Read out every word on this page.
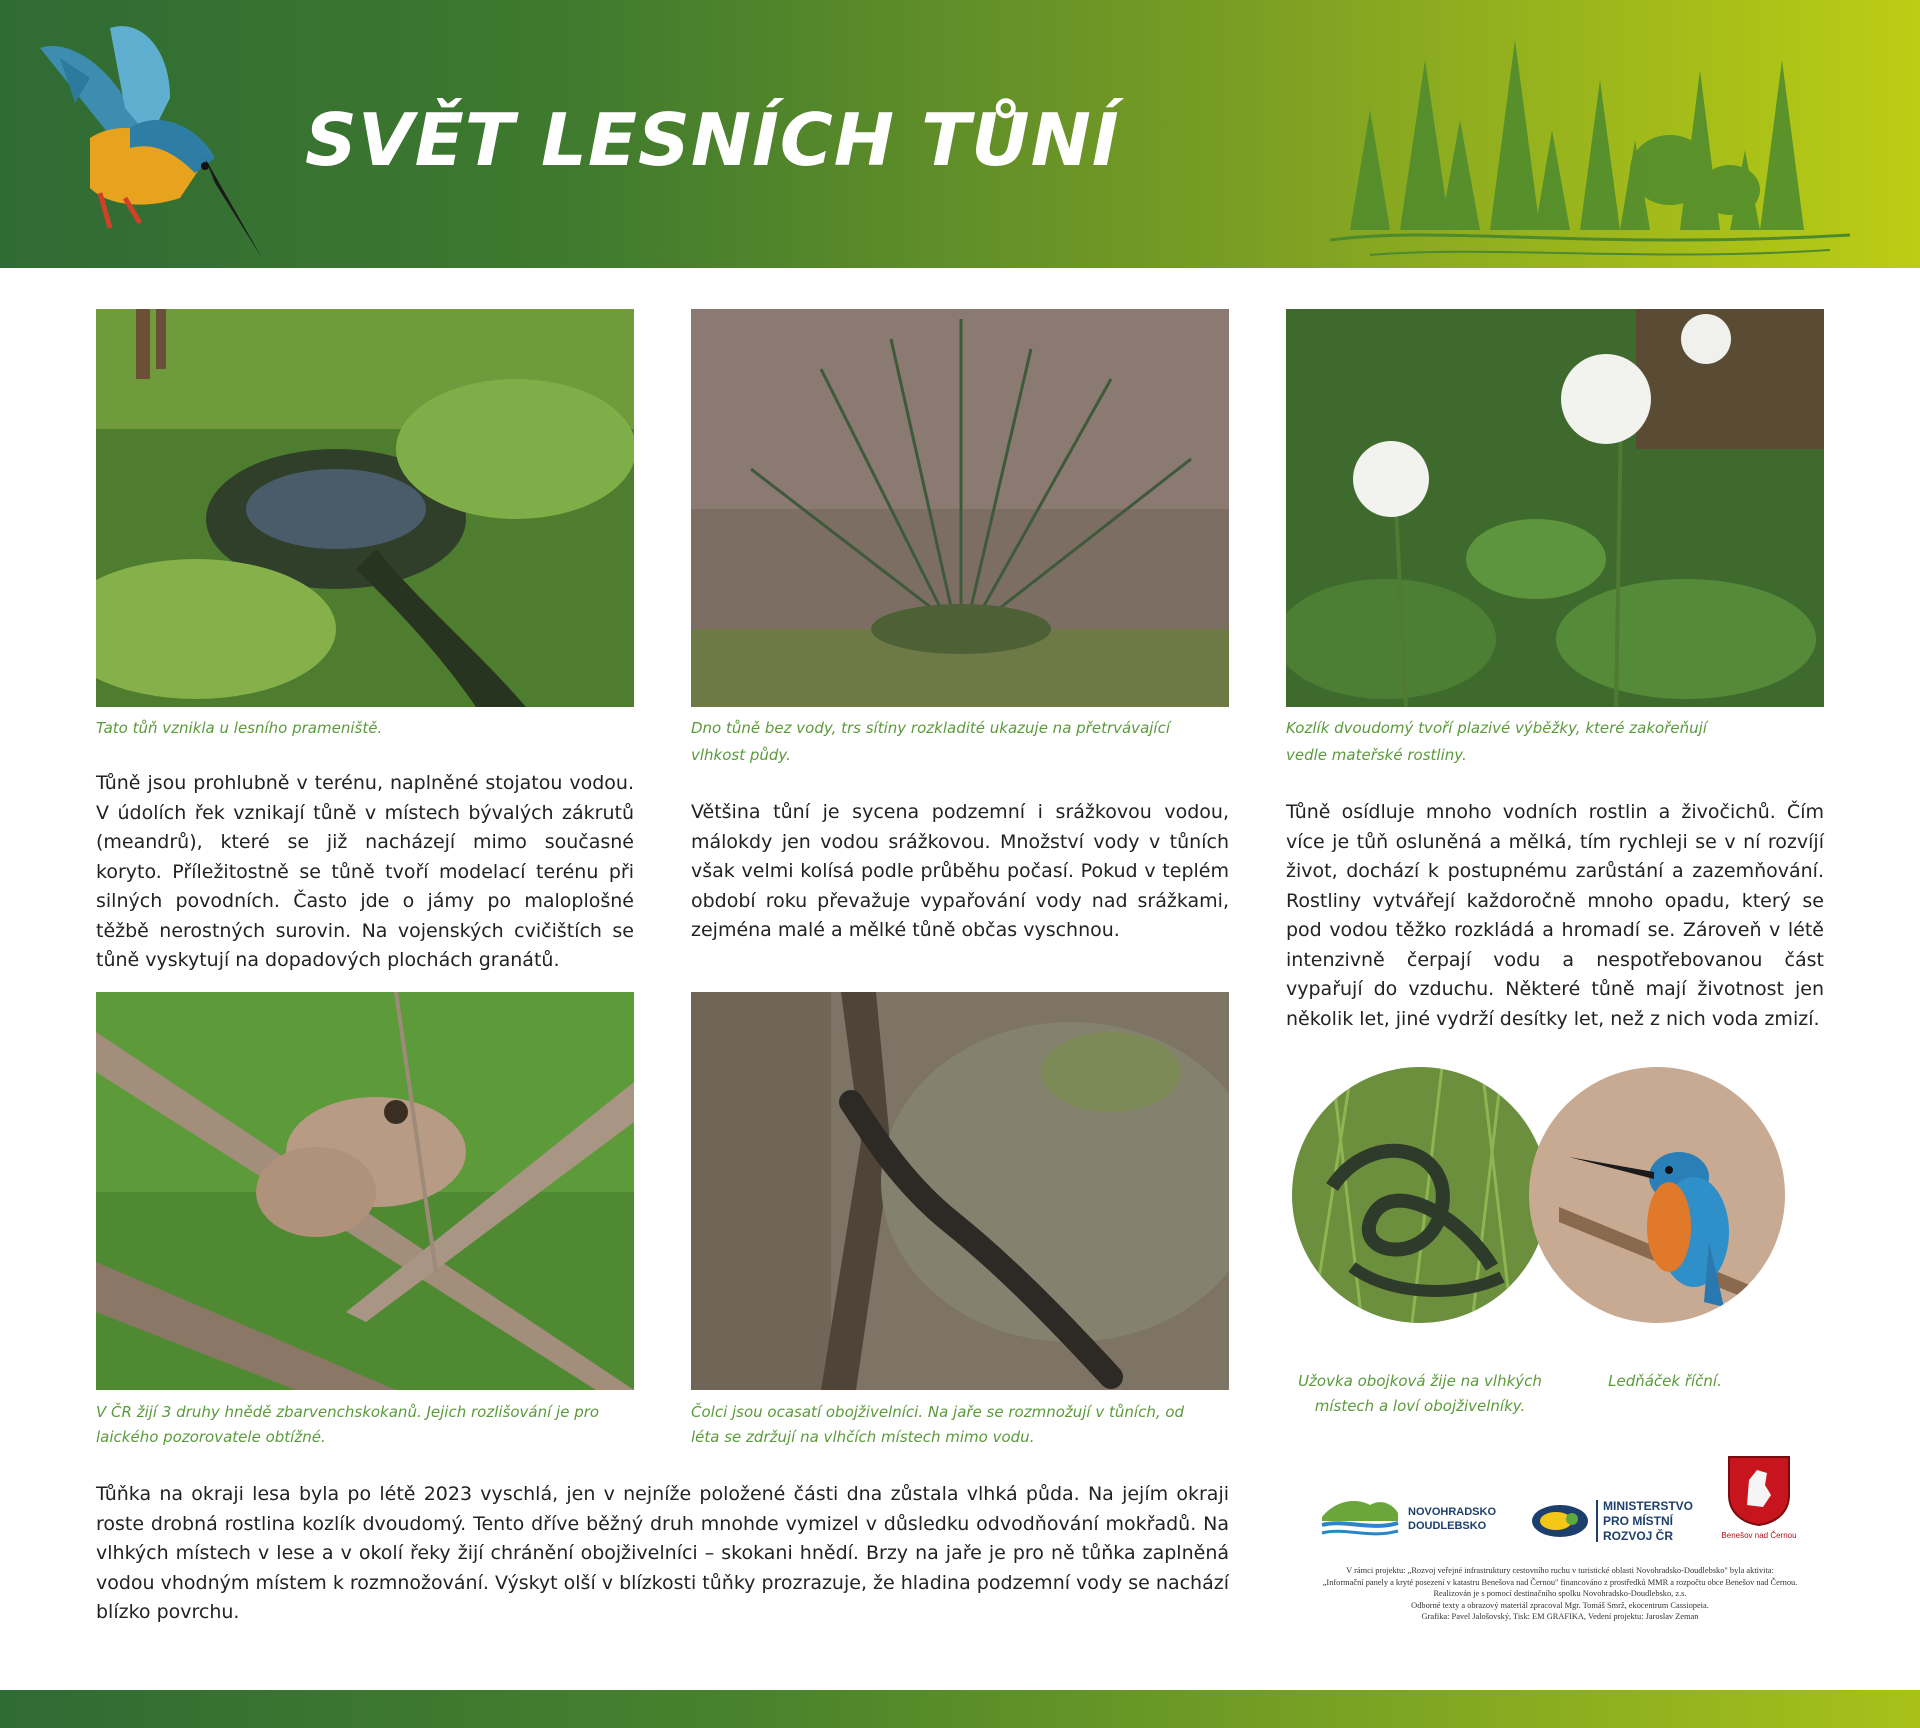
SVĚT LESNÍCH TŮNÍ

Tato tůň vznikla u lesního prameniště.	Dno tůně bez vody, trs sítiny rozkladité ukazuje na přetrvávající vlhkost půdy.

Kozlík dvoudomý tvoří plazivé výběžky, které zakořeňují vedle mateřské rostliny.

Tůně jsou prohlubně v terénu, naplněné stojatou vodou. V údolích řek vznikají tůně v místech bývalých zákrutů (meandrů), které se již nacházejí mimo současné koryto. Příležitostně se tůně tvoří modelací terénu při silných povodních. Často jde o jámy po maloplošné těžbě nerostných surovin. Na vojenských cvičištích se tůně vyskytují na dopadových plochách granátů.

Většina tůní je sycena podzemní i srážkovou vodou, málokdy jen vodou srážkovou. Množství vody v tůních však velmi kolísá podle průběhu počasí. Pokud v teplém období roku převažuje vypařování vody nad srážkami, zejména malé a mělké tůně občas vyschnou.

Tůně osídluje mnoho vodních rostlin a živočichů. Čím více je tůň osluněná a mělká, tím rychleji se v ní rozvíjí život, dochází k postupnému zarůstání a zazemňování. Rostliny vytvářejí každoročně mnoho opadu, který se pod vodou těžko rozkládá a hromadí se. Zároveň v létě intenzivně čerpají vodu a nespotřebovanou část vypařují do vzduchu. Některé tůně mají životnost jen několik let, jiné vydrží desítky let, než z nich voda zmizí.

V ČR žijí 3 druhy hnědě zbarvenchskokanů. Jejich rozlišování je pro laického pozorovatele obtížné.

Čolci jsou ocasatí obojživelníci. Na jaře se rozmnožují v tůních, od léta se zdržují na vlhčích místech mimo vodu.

Užovka obojková žije na vlhkých místech a loví obojživelníky.

Ledňáček říční.

Tůňka na okraji lesa byla po létě 2023 vyschlá, jen v nejníže položené části dna zůstala vlhká půda. Na jejím okraji roste drobná rostlina kozlík dvoudomý. Tento dříve běžný druh mnohde vymizel v důsledku odvodňování mokřadů. Na vlhkých místech v lese a v okolí řeky žijí chránění obojživelníci – skokani hnědí. Brzy na jaře je pro ně tůňka zaplněná vodou vhodným místem k rozmnožování. Výskyt olší v blízkosti tůňky prozrazuje, že hladina podzemní vody se nachází blízko povrchu.

NOVOHRADSKO
DOUDLEBSKO
MINISTERSTVO
PRO MÍSTNÍ
ROZVOJ ČR	Benešov nad Černou

V rámci projektu: „Rozvoj veřejné infrastruktury cestovního ruchu v turistické oblasti Novohradsko-Doudlebsko" byla aktivita:

„Informační panely a kryté posezení v katastru Benešova nad Černou" financováno z prostředků MMR a rozpočtu obce Benešov nad Černou.

Realizován je s pomocí destinačního spolku Novohradsko-Doudlebsko, z.s.

Odborné texty a obrazový materiál zpracoval Mgr. Tomáš Smrž, ekocentrum Cassiopeia.

Grafika: Pavel Jalošovský, Tisk: EM GRAFIKA, Vedení projektu: Jaroslav Zeman
